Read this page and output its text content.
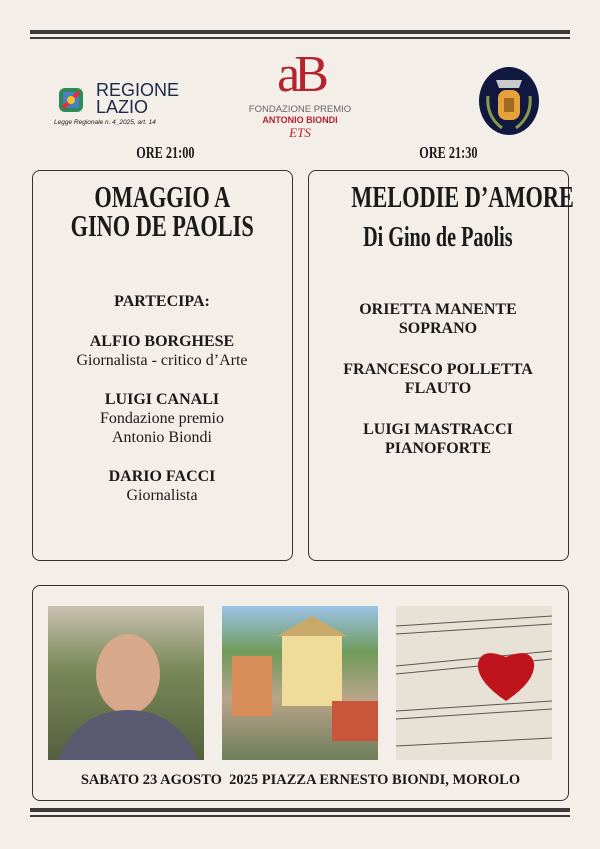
REGIONE
LAZIO
Legge Regionale n. 4_2025, art. 14
aB
FONDAZIONE PREMIO
ANTONIO BIONDI
ETS
ORE 21:00	ORE 21:30
OMAGGIO A
GINO DE PAOLIS
PARTECIPA:
ALFIO BORGHESE
Giornalista - critico d’Arte
LUIGI CANALI
Fondazione premio
Antonio Biondi
DARIO FACCI
Giornalista
MELODIE D’AMORE
Di Gino de Paolis
ORIETTA MANENTE
SOPRANO
FRANCESCO POLLETTA
FLAUTO
LUIGI MASTRACCI
PIANOFORTE
SABATO 23 AGOSTO  2025 PIAZZA ERNESTO BIONDI, MOROLO
